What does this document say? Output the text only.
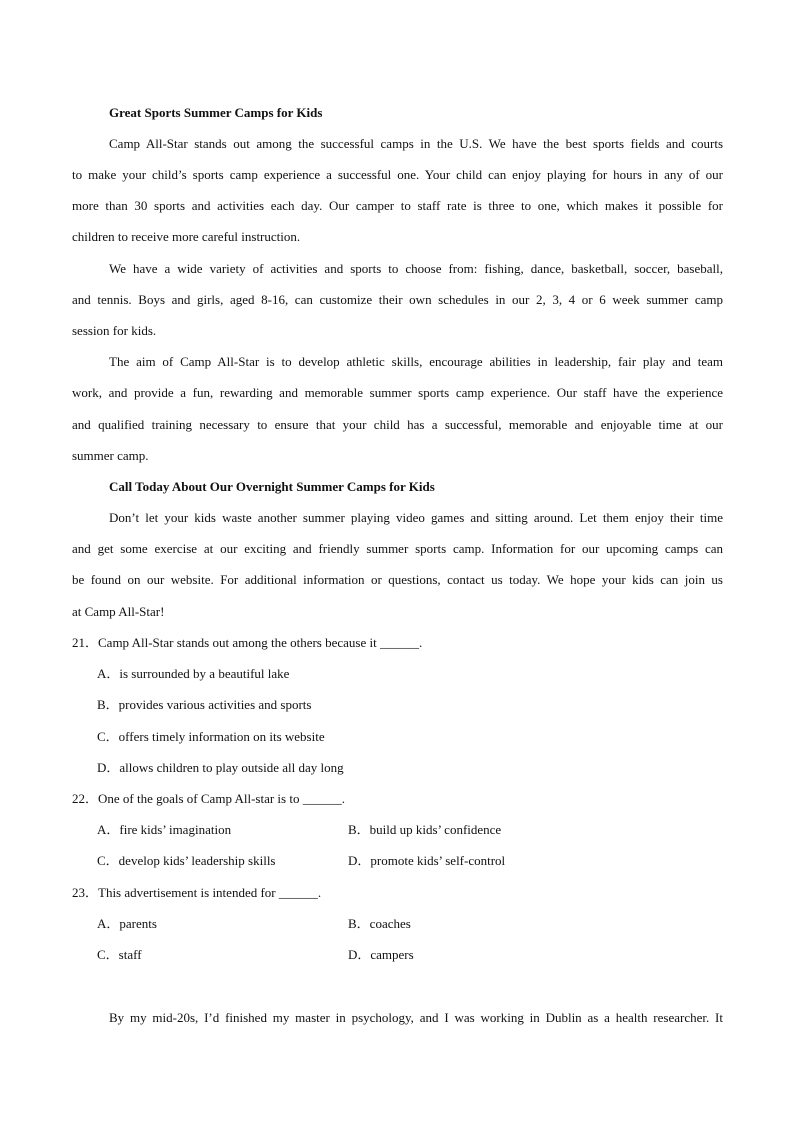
Great Sports Summer Camps for Kids
Camp All-Star stands out among the successful camps in the U.S. We have the best sports fields and courts
to make your child’s sports camp experience a successful one. Your child can enjoy playing for hours in any of our
more than 30 sports and activities each day. Our camper to staff rate is three to one, which makes it possible for
children to receive more careful instruction.
We have a wide variety of activities and sports to choose from: fishing, dance, basketball, soccer, baseball,
and tennis. Boys and girls, aged 8-16, can customize their own schedules in our 2, 3, 4 or 6 week summer camp
session for kids.
The aim of Camp All-Star is to develop athletic skills, encourage abilities in leadership, fair play and team
work, and provide a fun, rewarding and memorable summer sports camp experience. Our staff have the experience
and qualified training necessary to ensure that your child has a successful, memorable and enjoyable time at our
summer camp.
Call Today About Our Overnight Summer Camps for Kids
Don’t let your kids waste another summer playing video games and sitting around. Let them enjoy their time
and get some exercise at our exciting and friendly summer sports camp. Information for our upcoming camps can
be found on our website. For additional information or questions, contact us today. We hope your kids can join us
at Camp All-Star!
21．Camp All-Star stands out among the others because it ______.
A．is surrounded by a beautiful lake
B．provides various activities and sports
C．offers timely information on its website
D．allows children to play outside all day long
22．One of the goals of Camp All-star is to ______.
A．fire kids’ imagination	B．build up kids’ confidence
C．develop kids’ leadership skills	D．promote kids’ self-control
23．This advertisement is intended for ______.
A．parents	B．coaches
C．staff	D．campers
By my mid-20s, I’d finished my master in psychology, and I was working in Dublin as a health researcher. It
